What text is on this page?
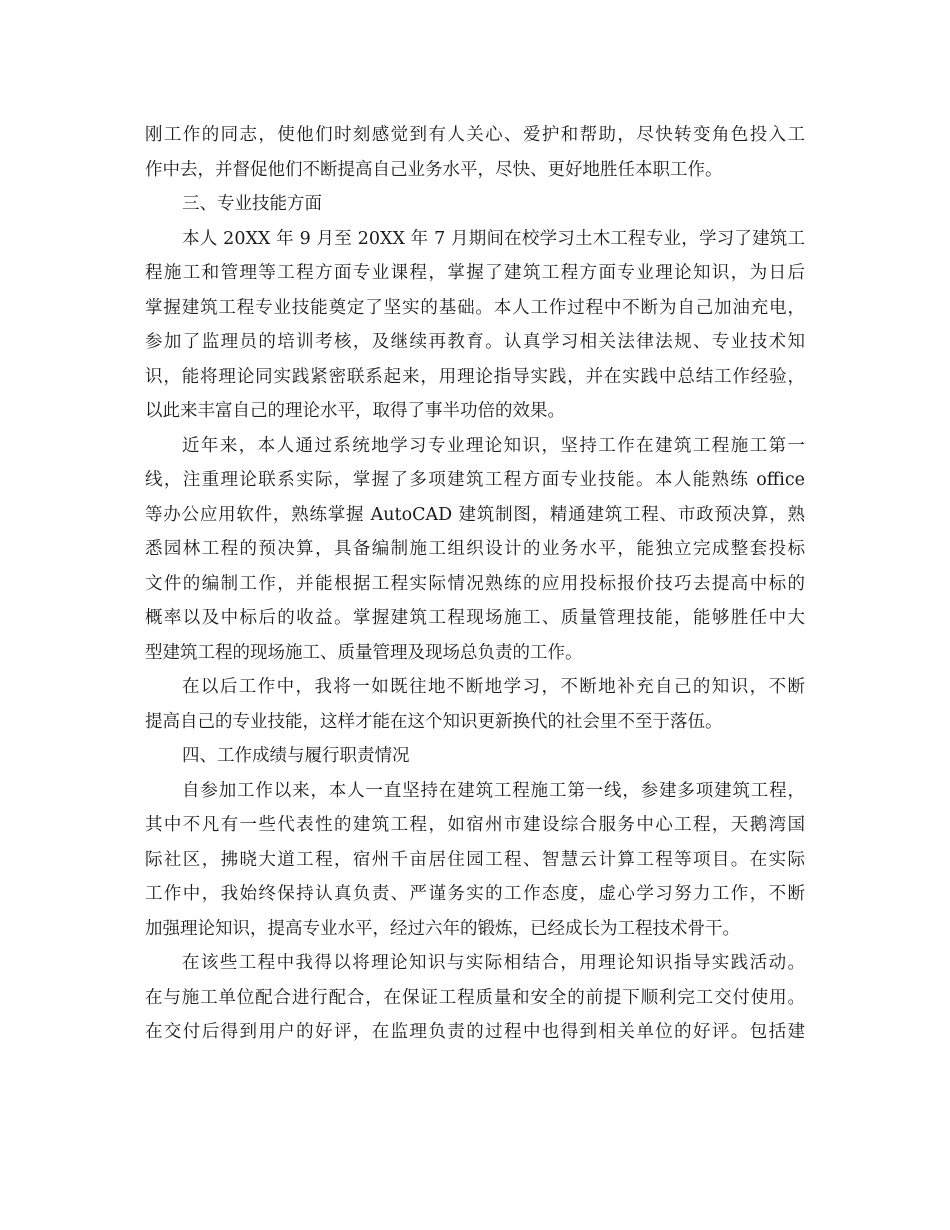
刚工作的同志，使他们时刻感觉到有人关心、爱护和帮助，尽快转变角色投入工
作中去，并督促他们不断提高自己业务水平，尽快、更好地胜任本职工作。
三、专业技能方面
本人 20XX 年 9 月至 20XX 年 7 月期间在校学习土木工程专业，学习了建筑工
程施工和管理等工程方面专业课程，掌握了建筑工程方面专业理论知识，为日后
掌握建筑工程专业技能奠定了坚实的基础。本人工作过程中不断为自己加油充电，
参加了监理员的培训考核，及继续再教育。认真学习相关法律法规、专业技术知
识，能将理论同实践紧密联系起来，用理论指导实践，并在实践中总结工作经验，
以此来丰富自己的理论水平，取得了事半功倍的效果。
近年来，本人通过系统地学习专业理论知识，坚持工作在建筑工程施工第一
线，注重理论联系实际，掌握了多项建筑工程方面专业技能。本人能熟练 office
等办公应用软件，熟练掌握 AutoCAD 建筑制图，精通建筑工程、市政预决算，熟
悉园林工程的预决算，具备编制施工组织设计的业务水平，能独立完成整套投标
文件的编制工作，并能根据工程实际情况熟练的应用投标报价技巧去提高中标的
概率以及中标后的收益。掌握建筑工程现场施工、质量管理技能，能够胜任中大
型建筑工程的现场施工、质量管理及现场总负责的工作。
在以后工作中，我将一如既往地不断地学习，不断地补充自己的知识，不断
提高自己的专业技能，这样才能在这个知识更新换代的社会里不至于落伍。
四、工作成绩与履行职责情况
自参加工作以来，本人一直坚持在建筑工程施工第一线，参建多项建筑工程，
其中不凡有一些代表性的建筑工程，如宿州市建设综合服务中心工程，天鹅湾国
际社区，拂晓大道工程，宿州千亩居住园工程、智慧云计算工程等项目。在实际
工作中，我始终保持认真负责、严谨务实的工作态度，虚心学习努力工作，不断
加强理论知识，提高专业水平，经过六年的锻炼，已经成长为工程技术骨干。
在该些工程中我得以将理论知识与实际相结合，用理论知识指导实践活动。
在与施工单位配合进行配合，在保证工程质量和安全的前提下顺利完工交付使用。
在交付后得到用户的好评，在监理负责的过程中也得到相关单位的好评。包括建
